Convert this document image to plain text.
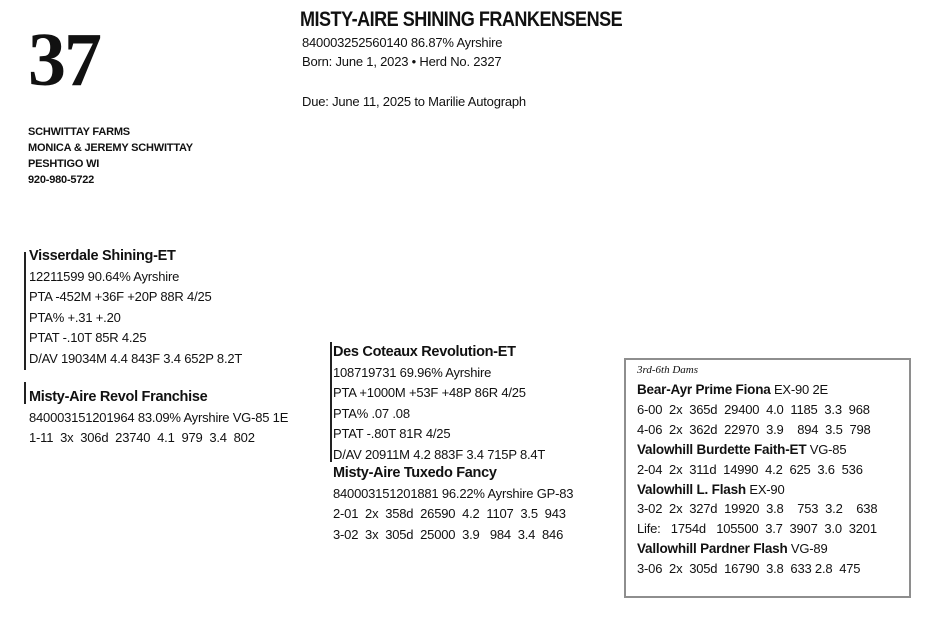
37
SCHWITTAY FARMS
MONICA & JEREMY SCHWITTAY
PESHTIGO WI
920-980-5722
MISTY-AIRE SHINING FRANKENSENSE
840003252560140 86.87% Ayrshire
Born: June 1, 2023 • Herd No. 2327
Due: June 11, 2025 to Marilie Autograph
Visserdale Shining-ET
12211599 90.64% Ayrshire
PTA -452M +36F +20P 88R 4/25
PTA% +.31 +.20
PTAT -.10T 85R 4.25
D/AV 19034M 4.4 843F 3.4 652P 8.2T
Misty-Aire Revol Franchise
840003151201964 83.09% Ayrshire VG-85 1E
1-11  3x  306d  23740  4.1  979  3.4  802
Des Coteaux Revolution-ET
108719731 69.96% Ayrshire
PTA +1000M +53F +48P 86R 4/25
PTA% .07 .08
PTAT -.80T 81R 4/25
D/AV 20911M 4.2 883F 3.4 715P 8.4T
Misty-Aire Tuxedo Fancy
840003151201881 96.22% Ayrshire GP-83
2-01  2x  358d  26590  4.2  1107  3.5  943
3-02  3x  305d  25000  3.9   984  3.4  846
3rd-6th Dams
Bear-Ayr Prime Fiona EX-90 2E
6-00  2x  365d  29400  4.0  1185  3.3  968
4-06  2x  362d  22970  3.9    894  3.5  798
Valowhill Burdette Faith-ET VG-85
2-04  2x  311d  14990  4.2  625  3.6  536
Valowhill L. Flash EX-90
3-02  2x  327d  19920  3.8    753  3.2    638
Life:   1754d   105500  3.7  3907  3.0  3201
Vallowhill Pardner Flash VG-89
3-06  2x  305d  16790  3.8  633 2.8  475
